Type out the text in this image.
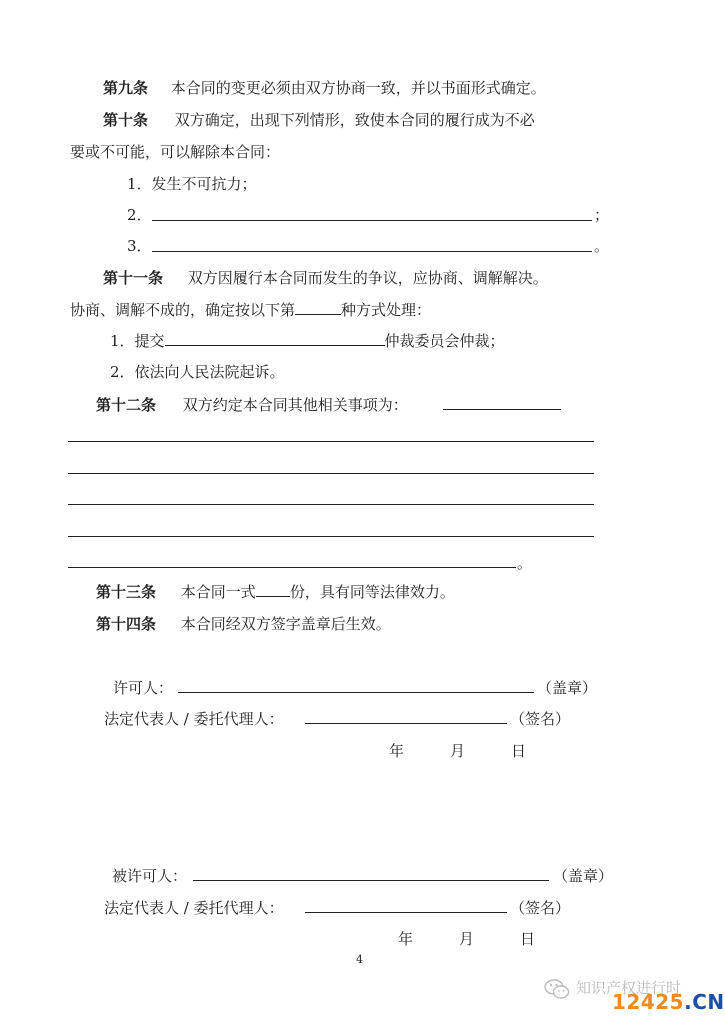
第九条 本合同的变更必须由双方协商一致，并以书面形式确定。
第十条 双方确定，出现下列情形，致使本合同的履行成为不必
要或不可能，可以解除本合同：
1．发生不可抗力；
2．	；
3．	。
第十一条 双方因履行本合同而发生的争议，应协商、调解解决。
协商、调解不成的，确定按以下第	种方式处理：
1．提交	仲裁委员会仲裁；
2．依法向人民法院起诉。
第十二条 双方约定本合同其他相关事项为：
。
第十三条 本合同一式 份，具有同等法律效力。
第十四条 本合同经双方签字盖章后生效。
许可人：	（盖章）
法定代表人 / 委托代理人：	（签名）
年	月	日
被许可人：	（盖章）
法定代表人 / 委托代理人：	（签名）
年	月	日
4
知识产权进行时
12425.CN
